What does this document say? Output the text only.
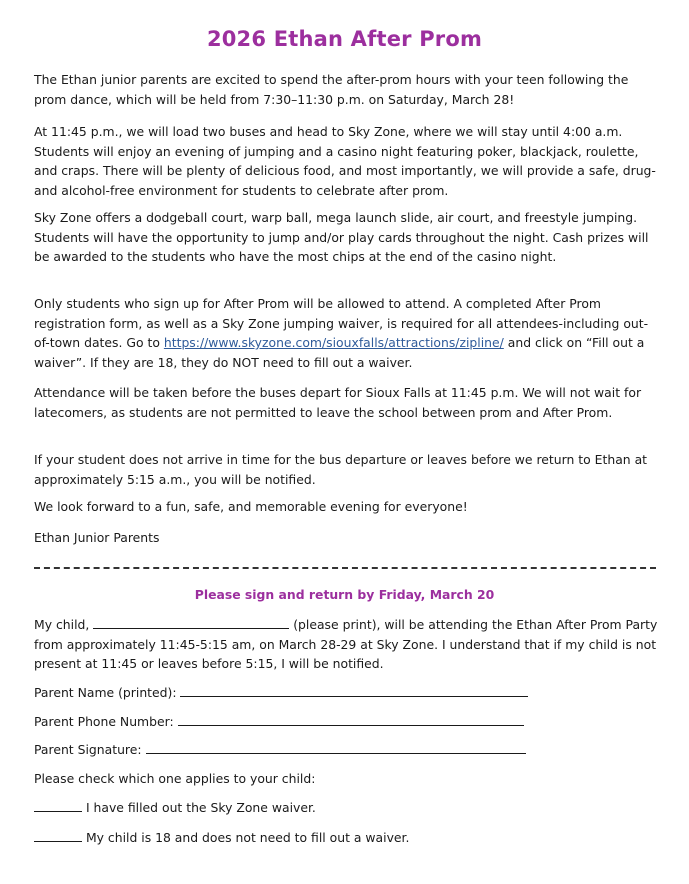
2026 Ethan After Prom

The Ethan junior parents are excited to spend the after-prom hours with your teen following the prom dance, which will be held from 7:30–11:30 p.m. on Saturday, March 28!

At 11:45 p.m., we will load two buses and head to Sky Zone, where we will stay until 4:00 a.m. Students will enjoy an evening of jumping and a casino night featuring poker, blackjack, roulette, and craps. There will be plenty of delicious food, and most importantly, we will provide a safe, drug- and alcohol-free environment for students to celebrate after prom.

Sky Zone offers a dodgeball court, warp ball, mega launch slide, air court, and freestyle jumping. Students will have the opportunity to jump and/or play cards throughout the night. Cash prizes will be awarded to the students who have the most chips at the end of the casino night.

Only students who sign up for After Prom will be allowed to attend. A completed After Prom registration form, as well as a Sky Zone jumping waiver, is required for all attendees-including out-of-town dates. Go to https://www.skyzone.com/siouxfalls/attractions/zipline/ and click on “Fill out a waiver”. If they are 18, they do NOT need to fill out a waiver.

Attendance will be taken before the buses depart for Sioux Falls at 11:45 p.m. We will not wait for latecomers, as students are not permitted to leave the school between prom and After Prom.

If your student does not arrive in time for the bus departure or leaves before we return to Ethan at approximately 5:15 a.m., you will be notified.

We look forward to a fun, safe, and memorable evening for everyone!

Ethan Junior Parents

Please sign and return by Friday, March 20

My child,	(please print), will be attending the Ethan After Prom Party from approximately 11:45-5:15 am, on March 28-29 at Sky Zone. I understand that if my child is not present at 11:45 or leaves before 5:15, I will be notified.

Parent Name (printed):
Parent Phone Number:
Parent Signature:
Please check which one applies to your child:
I have filled out the Sky Zone waiver.
My child is 18 and does not need to fill out a waiver.
